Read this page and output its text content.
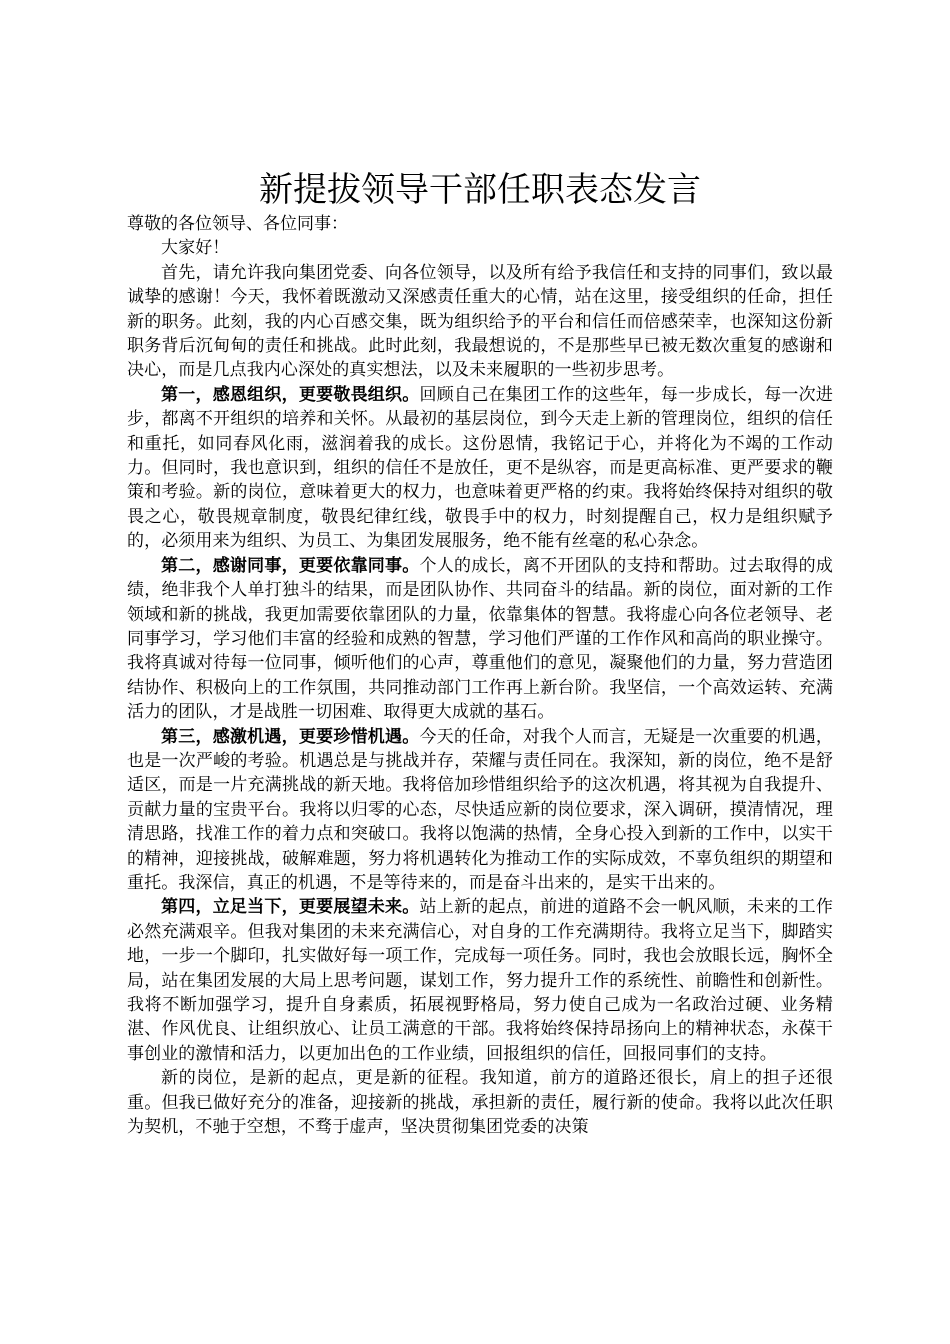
新提拔领导干部任职表态发言

尊敬的各位领导、各位同事：

大家好！

首先，请允许我向集团党委、向各位领导，以及所有给予我信任和支持的同事们，致以最诚挚的感谢！今天，我怀着既激动又深感责任重大的心情，站在这里，接受组织的任命，担任新的职务。此刻，我的内心百感交集，既为组织给予的平台和信任而倍感荣幸，也深知这份新职务背后沉甸甸的责任和挑战。此时此刻，我最想说的，不是那些早已被无数次重复的感谢和决心，而是几点我内心深处的真实想法，以及未来履职的一些初步思考。

第一，感恩组织，更要敬畏组织。回顾自己在集团工作的这些年，每一步成长，每一次进步，都离不开组织的培养和关怀。从最初的基层岗位，到今天走上新的管理岗位，组织的信任和重托，如同春风化雨，滋润着我的成长。这份恩情，我铭记于心，并将化为不竭的工作动力。但同时，我也意识到，组织的信任不是放任，更不是纵容，而是更高标准、更严要求的鞭策和考验。新的岗位，意味着更大的权力，也意味着更严格的约束。我将始终保持对组织的敬畏之心，敬畏规章制度，敬畏纪律红线，敬畏手中的权力，时刻提醒自己，权力是组织赋予的，必须用来为组织、为员工、为集团发展服务，绝不能有丝毫的私心杂念。

第二，感谢同事，更要依靠同事。个人的成长，离不开团队的支持和帮助。过去取得的成绩，绝非我个人单打独斗的结果，而是团队协作、共同奋斗的结晶。新的岗位，面对新的工作领域和新的挑战，我更加需要依靠团队的力量，依靠集体的智慧。我将虚心向各位老领导、老同事学习，学习他们丰富的经验和成熟的智慧，学习他们严谨的工作作风和高尚的职业操守。我将真诚对待每一位同事，倾听他们的心声，尊重他们的意见，凝聚他们的力量，努力营造团结协作、积极向上的工作氛围，共同推动部门工作再上新台阶。我坚信，一个高效运转、充满活力的团队，才是战胜一切困难、取得更大成就的基石。

第三，感激机遇，更要珍惜机遇。今天的任命，对我个人而言，无疑是一次重要的机遇，也是一次严峻的考验。机遇总是与挑战并存，荣耀与责任同在。我深知，新的岗位，绝不是舒适区，而是一片充满挑战的新天地。我将倍加珍惜组织给予的这次机遇，将其视为自我提升、贡献力量的宝贵平台。我将以归零的心态，尽快适应新的岗位要求，深入调研，摸清情况，理清思路，找准工作的着力点和突破口。我将以饱满的热情，全身心投入到新的工作中，以实干的精神，迎接挑战，破解难题，努力将机遇转化为推动工作的实际成效，不辜负组织的期望和重托。我深信，真正的机遇，不是等待来的，而是奋斗出来的，是实干出来的。

第四，立足当下，更要展望未来。站上新的起点，前进的道路不会一帆风顺，未来的工作必然充满艰辛。但我对集团的未来充满信心，对自身的工作充满期待。我将立足当下，脚踏实地，一步一个脚印，扎实做好每一项工作，完成每一项任务。同时，我也会放眼长远，胸怀全局，站在集团发展的大局上思考问题，谋划工作，努力提升工作的系统性、前瞻性和创新性。我将不断加强学习，提升自身素质，拓展视野格局，努力使自己成为一名政治过硬、业务精湛、作风优良、让组织放心、让员工满意的干部。我将始终保持昂扬向上的精神状态，永葆干事创业的激情和活力，以更加出色的工作业绩，回报组织的信任，回报同事们的支持。

新的岗位，是新的起点，更是新的征程。我知道，前方的道路还很长，肩上的担子还很重。但我已做好充分的准备，迎接新的挑战，承担新的责任，履行新的使命。我将以此次任职为契机，不驰于空想，不骛于虚声，坚决贯彻集团党委的决策
